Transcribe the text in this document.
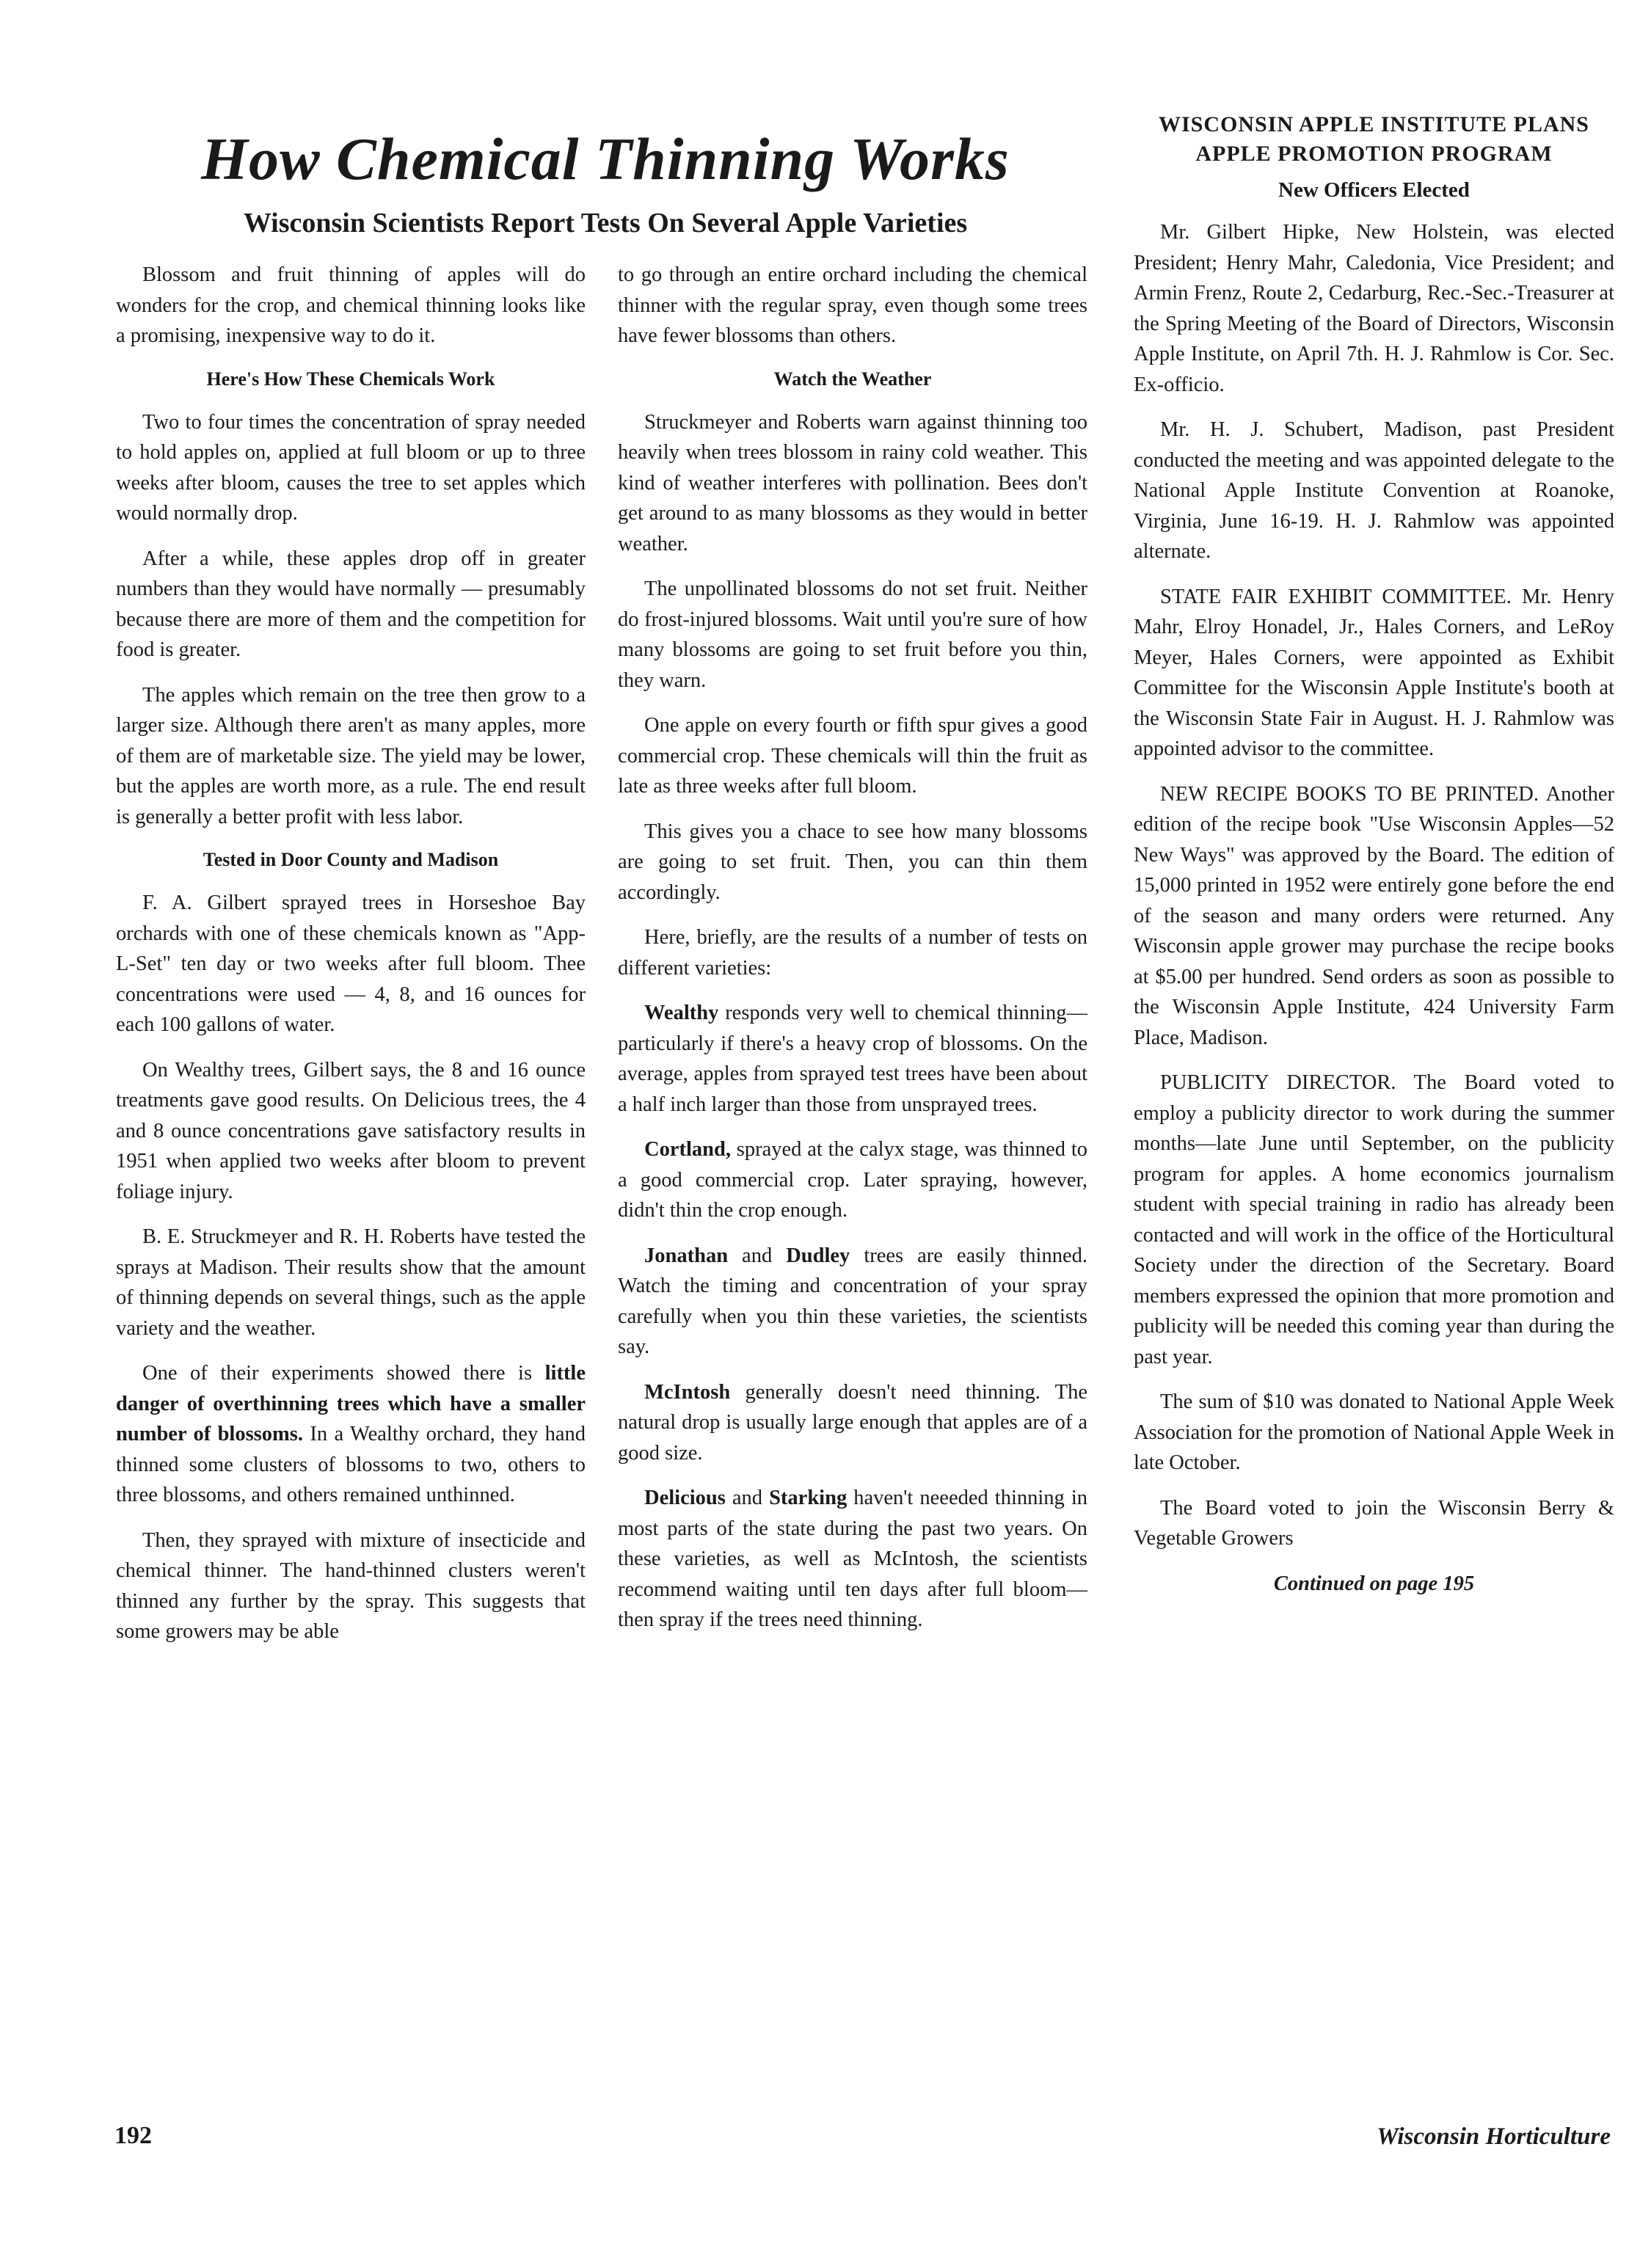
How Chemical Thinning Works
Wisconsin Scientists Report Tests On Several Apple Varieties

Blossom and fruit thinning of apples will do wonders for the crop, and chemical thinning looks like a promising, inexpensive way to do it.

Here's How These Chemicals Work

Two to four times the concentration of spray needed to hold apples on, applied at full bloom or up to three weeks after bloom, causes the tree to set apples which would normally drop.

After a while, these apples drop off in greater numbers than they would have normally — presumably because there are more of them and the competition for food is greater.

The apples which remain on the tree then grow to a larger size. Although there aren't as many apples, more of them are of marketable size. The yield may be lower, but the apples are worth more, as a rule. The end result is generally a better profit with less labor.

Tested in Door County and Madison

F. A. Gilbert sprayed trees in Horseshoe Bay orchards with one of these chemicals known as "App-L-Set" ten day or two weeks after full bloom. Thee concentrations were used — 4, 8, and 16 ounces for each 100 gallons of water.

On Wealthy trees, Gilbert says, the 8 and 16 ounce treatments gave good results. On Delicious trees, the 4 and 8 ounce concentrations gave satisfactory results in 1951 when applied two weeks after bloom to prevent foliage injury.

B. E. Struckmeyer and R. H. Roberts have tested the sprays at Madison. Their results show that the amount of thinning depends on several things, such as the apple variety and the weather.

One of their experiments showed there is little danger of overthinning trees which have a smaller number of blossoms. In a Wealthy orchard, they hand thinned some clusters of blossoms to two, others to three blossoms, and others remained unthinned.

Then, they sprayed with mixture of insecticide and chemical thinner. The hand-thinned clusters weren't thinned any further by the spray. This suggests that some growers may be able

to go through an entire orchard including the chemical thinner with the regular spray, even though some trees have fewer blossoms than others.

Watch the Weather

Struckmeyer and Roberts warn against thinning too heavily when trees blossom in rainy cold weather. This kind of weather interferes with pollination. Bees don't get around to as many blossoms as they would in better weather.

The unpollinated blossoms do not set fruit. Neither do frost-injured blossoms. Wait until you're sure of how many blossoms are going to set fruit before you thin, they warn.

One apple on every fourth or fifth spur gives a good commercial crop. These chemicals will thin the fruit as late as three weeks after full bloom.

This gives you a chace to see how many blossoms are going to set fruit. Then, you can thin them accordingly.

Here, briefly, are the results of a number of tests on different varieties:

Wealthy responds very well to chemical thinning—particularly if there's a heavy crop of blossoms. On the average, apples from sprayed test trees have been about a half inch larger than those from unsprayed trees.

Cortland, sprayed at the calyx stage, was thinned to a good commercial crop. Later spraying, however, didn't thin the crop enough.

Jonathan and Dudley trees are easily thinned. Watch the timing and concentration of your spray carefully when you thin these varieties, the scientists say.

McIntosh generally doesn't need thinning. The natural drop is usually large enough that apples are of a good size.

Delicious and Starking haven't neeeded thinning in most parts of the state during the past two years. On these varieties, as well as McIntosh, the scientists recommend waiting until ten days after full bloom—then spray if the trees need thinning.

WISCONSIN APPLE INSTITUTE PLANS APPLE PROMOTION PROGRAM
New Officers Elected

Mr. Gilbert Hipke, New Holstein, was elected President; Henry Mahr, Caledonia, Vice President; and Armin Frenz, Route 2, Cedarburg, Rec.-Sec.-Treasurer at the Spring Meeting of the Board of Directors, Wisconsin Apple Institute, on April 7th. H. J. Rahmlow is Cor. Sec. Ex-officio.

Mr. H. J. Schubert, Madison, past President conducted the meeting and was appointed delegate to the National Apple Institute Convention at Roanoke, Virginia, June 16-19. H. J. Rahmlow was appointed alternate.

STATE FAIR EXHIBIT COMMITTEE. Mr. Henry Mahr, Elroy Honadel, Jr., Hales Corners, and LeRoy Meyer, Hales Corners, were appointed as Exhibit Committee for the Wisconsin Apple Institute's booth at the Wisconsin State Fair in August. H. J. Rahmlow was appointed advisor to the committee.

NEW RECIPE BOOKS TO BE PRINTED. Another edition of the recipe book "Use Wisconsin Apples—52 New Ways" was approved by the Board. The edition of 15,000 printed in 1952 were entirely gone before the end of the season and many orders were returned. Any Wisconsin apple grower may purchase the recipe books at $5.00 per hundred. Send orders as soon as possible to the Wisconsin Apple Institute, 424 University Farm Place, Madison.

PUBLICITY DIRECTOR. The Board voted to employ a publicity director to work during the summer months—late June until September, on the publicity program for apples. A home economics journalism student with special training in radio has already been contacted and will work in the office of the Horticultural Society under the direction of the Secretary. Board members expressed the opinion that more promotion and publicity will be needed this coming year than during the past year.

The sum of $10 was donated to National Apple Week Association for the promotion of National Apple Week in late October.

The Board voted to join the Wisconsin Berry & Vegetable Growers

Continued on page 195

192	Wisconsin Horticulture
